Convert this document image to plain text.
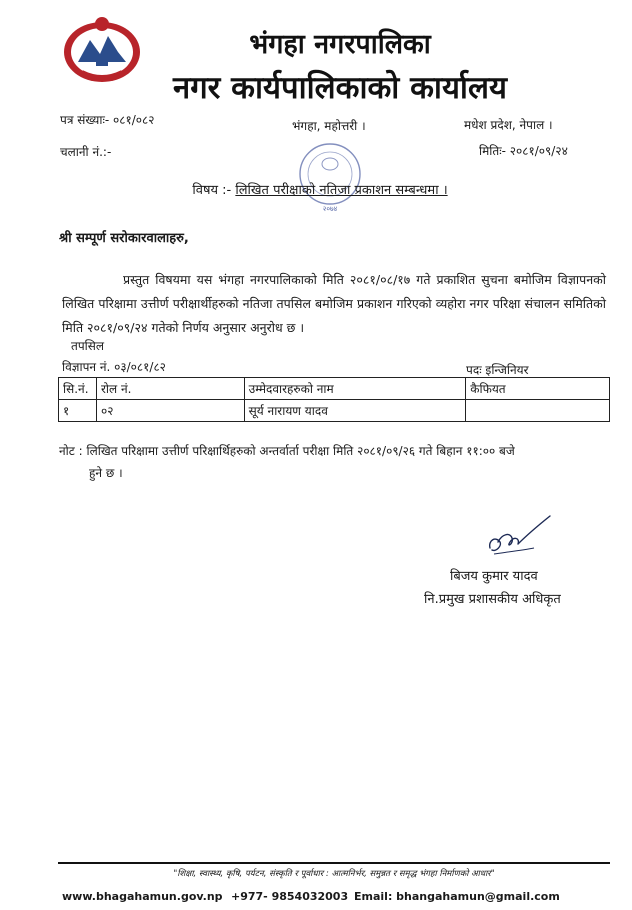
भंगहा नगरपालिका
नगर कार्यपालिकाको कार्यालय
पत्र संख्याः- ०८१/०८२
चलानी नं.:-
भंगहा, महोत्तरी ।	मधेश प्रदेश, नेपाल ।
मितिः- २०८१/०९/२४
२०७४
विषय :- लिखित परीक्षाको नतिजा प्रकाशन सम्बन्धमा ।
श्री सम्पूर्ण सरोकारवालाहरु,
प्रस्तुत विषयमा यस भंगहा नगरपालिकाको मिति २०८१/०८/१७ गते प्रकाशित सुचना बमोजिम विज्ञापनको लिखित परिक्षामा उत्तीर्ण परीक्षार्थीहरुको नतिजा तपसिल बमोजिम प्रकाशन गरिएको व्यहोरा नगर परिक्षा संचालन समितिको मिति २०८१/०९/२४ गतेको निर्णय अनुसार अनुरोध छ ।
तपसिल
विज्ञापन नं. ०३/०८१/८२	पदः इन्जिनियर
सि.नं.	रोल नं.	उम्मेदवारहरुको नाम	कैफियत
१	०२	सूर्य नारायण यादव	
नोट : लिखित परिक्षामा उत्तीर्ण परिक्षार्थिहरुको अन्तर्वार्ता परीक्षा मिति २०८१/०९/२६ गते बिहान ११:०० बजे
हुने छ ।
बिजय कुमार यादव
नि.प्रमुख प्रशासकीय अधिकृत
"शिक्षा, स्वास्थ्य, कृषि, पर्यटन, संस्कृति र पूर्वाधार : आत्मनिर्भर, समुन्नत र समृद्ध भंगहा निर्माणको आधार"
www.bhagahamun.gov.np +977- 9854032003 Email: bhangahamun@gmail.com
